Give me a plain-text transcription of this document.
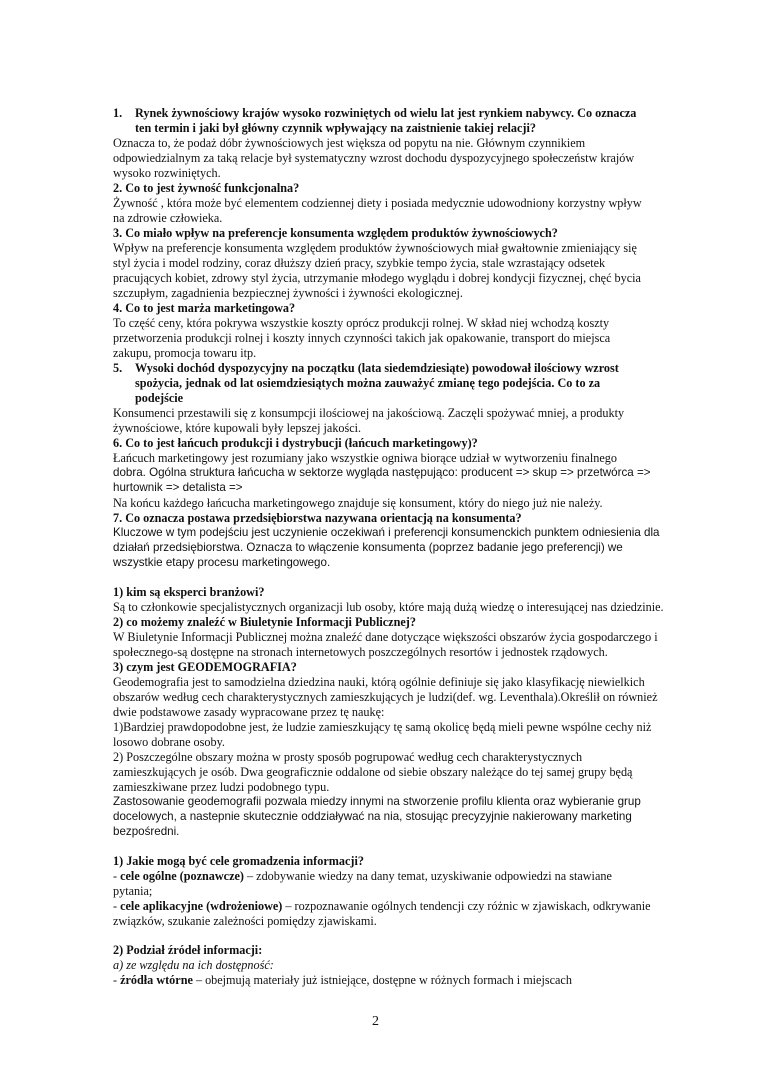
1. Rynek żywnościowy krajów wysoko rozwiniętych od wielu lat jest rynkiem nabywcy. Co oznacza
ten termin i jaki był główny czynnik wpływający na zaistnienie takiej relacji?
Oznacza to, że podaż dóbr żywnościowych jest większa od popytu na nie. Głównym czynnikiem
odpowiedzialnym za taką relacje był systematyczny wzrost dochodu dyspozycyjnego społeczeństw krajów
wysoko rozwiniętych.
2. Co to jest żywność funkcjonalna?
Żywność , która może być elementem codziennej diety i posiada medycznie udowodniony korzystny wpływ
na zdrowie człowieka.
3. Co miało wpływ na preferencje konsumenta względem produktów żywnościowych?
Wpływ na preferencje konsumenta względem produktów żywnościowych miał gwałtownie zmieniający się
styl życia i model rodziny, coraz dłuższy dzień pracy, szybkie tempo życia, stale wzrastający odsetek
pracujących kobiet, zdrowy styl życia, utrzymanie młodego wyglądu i dobrej kondycji fizycznej, chęć bycia
szczupłym, zagadnienia bezpiecznej żywności i żywności ekologicznej.
4. Co to jest marża marketingowa?
To część ceny, która pokrywa wszystkie koszty oprócz produkcji rolnej. W skład niej wchodzą koszty
przetworzenia produkcji rolnej i koszty innych czynności takich jak opakowanie, transport do miejsca
zakupu, promocja towaru itp.
5. Wysoki dochód dyspozycyjny na początku (lata siedemdziesiąte) powodował ilościowy wzrost
spożycia, jednak od lat osiemdziesiątych można zauważyć zmianę tego podejścia. Co to za
podejście
Konsumenci przestawili się z konsumpcji ilościowej na jakościową. Zaczęli spożywać mniej, a produkty
żywnościowe, które kupowali były lepszej jakości.
6. Co to jest łańcuch produkcji i dystrybucji (łańcuch marketingowy)?
Łańcuch marketingowy jest rozumiany jako wszystkie ogniwa biorące udział w wytworzeniu finalnego
dobra. Ogólna struktura łańcucha w sektorze wygląda następująco: producent => skup => przetwórca =>
hurtownik => detalista =>
Na końcu każdego łańcucha marketingowego znajduje się konsument, który do niego już nie należy.
7. Co oznacza postawa przedsiębiorstwa nazywana orientacją na konsumenta?
Kluczowe w tym podejściu jest uczynienie oczekiwań i preferencji konsumenckich punktem odniesienia dla
działań przedsiębiorstwa. Oznacza to włączenie konsumenta (poprzez badanie jego preferencji) we
wszystkie etapy procesu marketingowego.
1) kim są eksperci branżowi?
Są to członkowie specjalistycznych organizacji lub osoby, które mają dużą wiedzę o interesującej nas dziedzinie.
2) co możemy znaleźć w Biuletynie Informacji Publicznej?
W Biuletynie Informacji Publicznej można znaleźć dane dotyczące większości obszarów życia gospodarczego i
społecznego-są dostępne na stronach internetowych poszczególnych resortów i jednostek rządowych.
3) czym jest GEODEMOGRAFIA?
Geodemografia jest to samodzielna dziedzina nauki, którą ogólnie definiuje się jako klasyfikację niewielkich
obszarów według cech charakterystycznych zamieszkujących je ludzi(def. wg. Leventhala).Określił on również
dwie podstawowe zasady wypracowane przez tę naukę:
1)Bardziej prawdopodobne jest, że ludzie zamieszkujący tę samą okolicę będą mieli pewne wspólne cechy niż
losowo dobrane osoby.
2) Poszczególne obszary można w prosty sposób pogrupować według cech charakterystycznych
zamieszkujących je osób. Dwa geograficznie oddalone od siebie obszary należące do tej samej grupy będą
zamieszkiwane przez ludzi podobnego typu.
Zastosowanie geodemografii pozwala miedzy innymi na stworzenie profilu klienta oraz wybieranie grup
docelowych, a nastepnie skutecznie oddziaływać na nia, stosując precyzyjnie nakierowany marketing
bezpośredni.
1) Jakie mogą być cele gromadzenia informacji?
- cele ogólne (poznawcze) – zdobywanie wiedzy na dany temat, uzyskiwanie odpowiedzi na stawiane
pytania;
- cele aplikacyjne (wdrożeniowe) – rozpoznawanie ogólnych tendencji czy różnic w zjawiskach, odkrywanie
związków, szukanie zależności pomiędzy zjawiskami.
2) Podział źródeł informacji:
a) ze względu na ich dostępność:
- źródła wtórne – obejmują materiały już istniejące, dostępne w różnych formach i miejscach
2
